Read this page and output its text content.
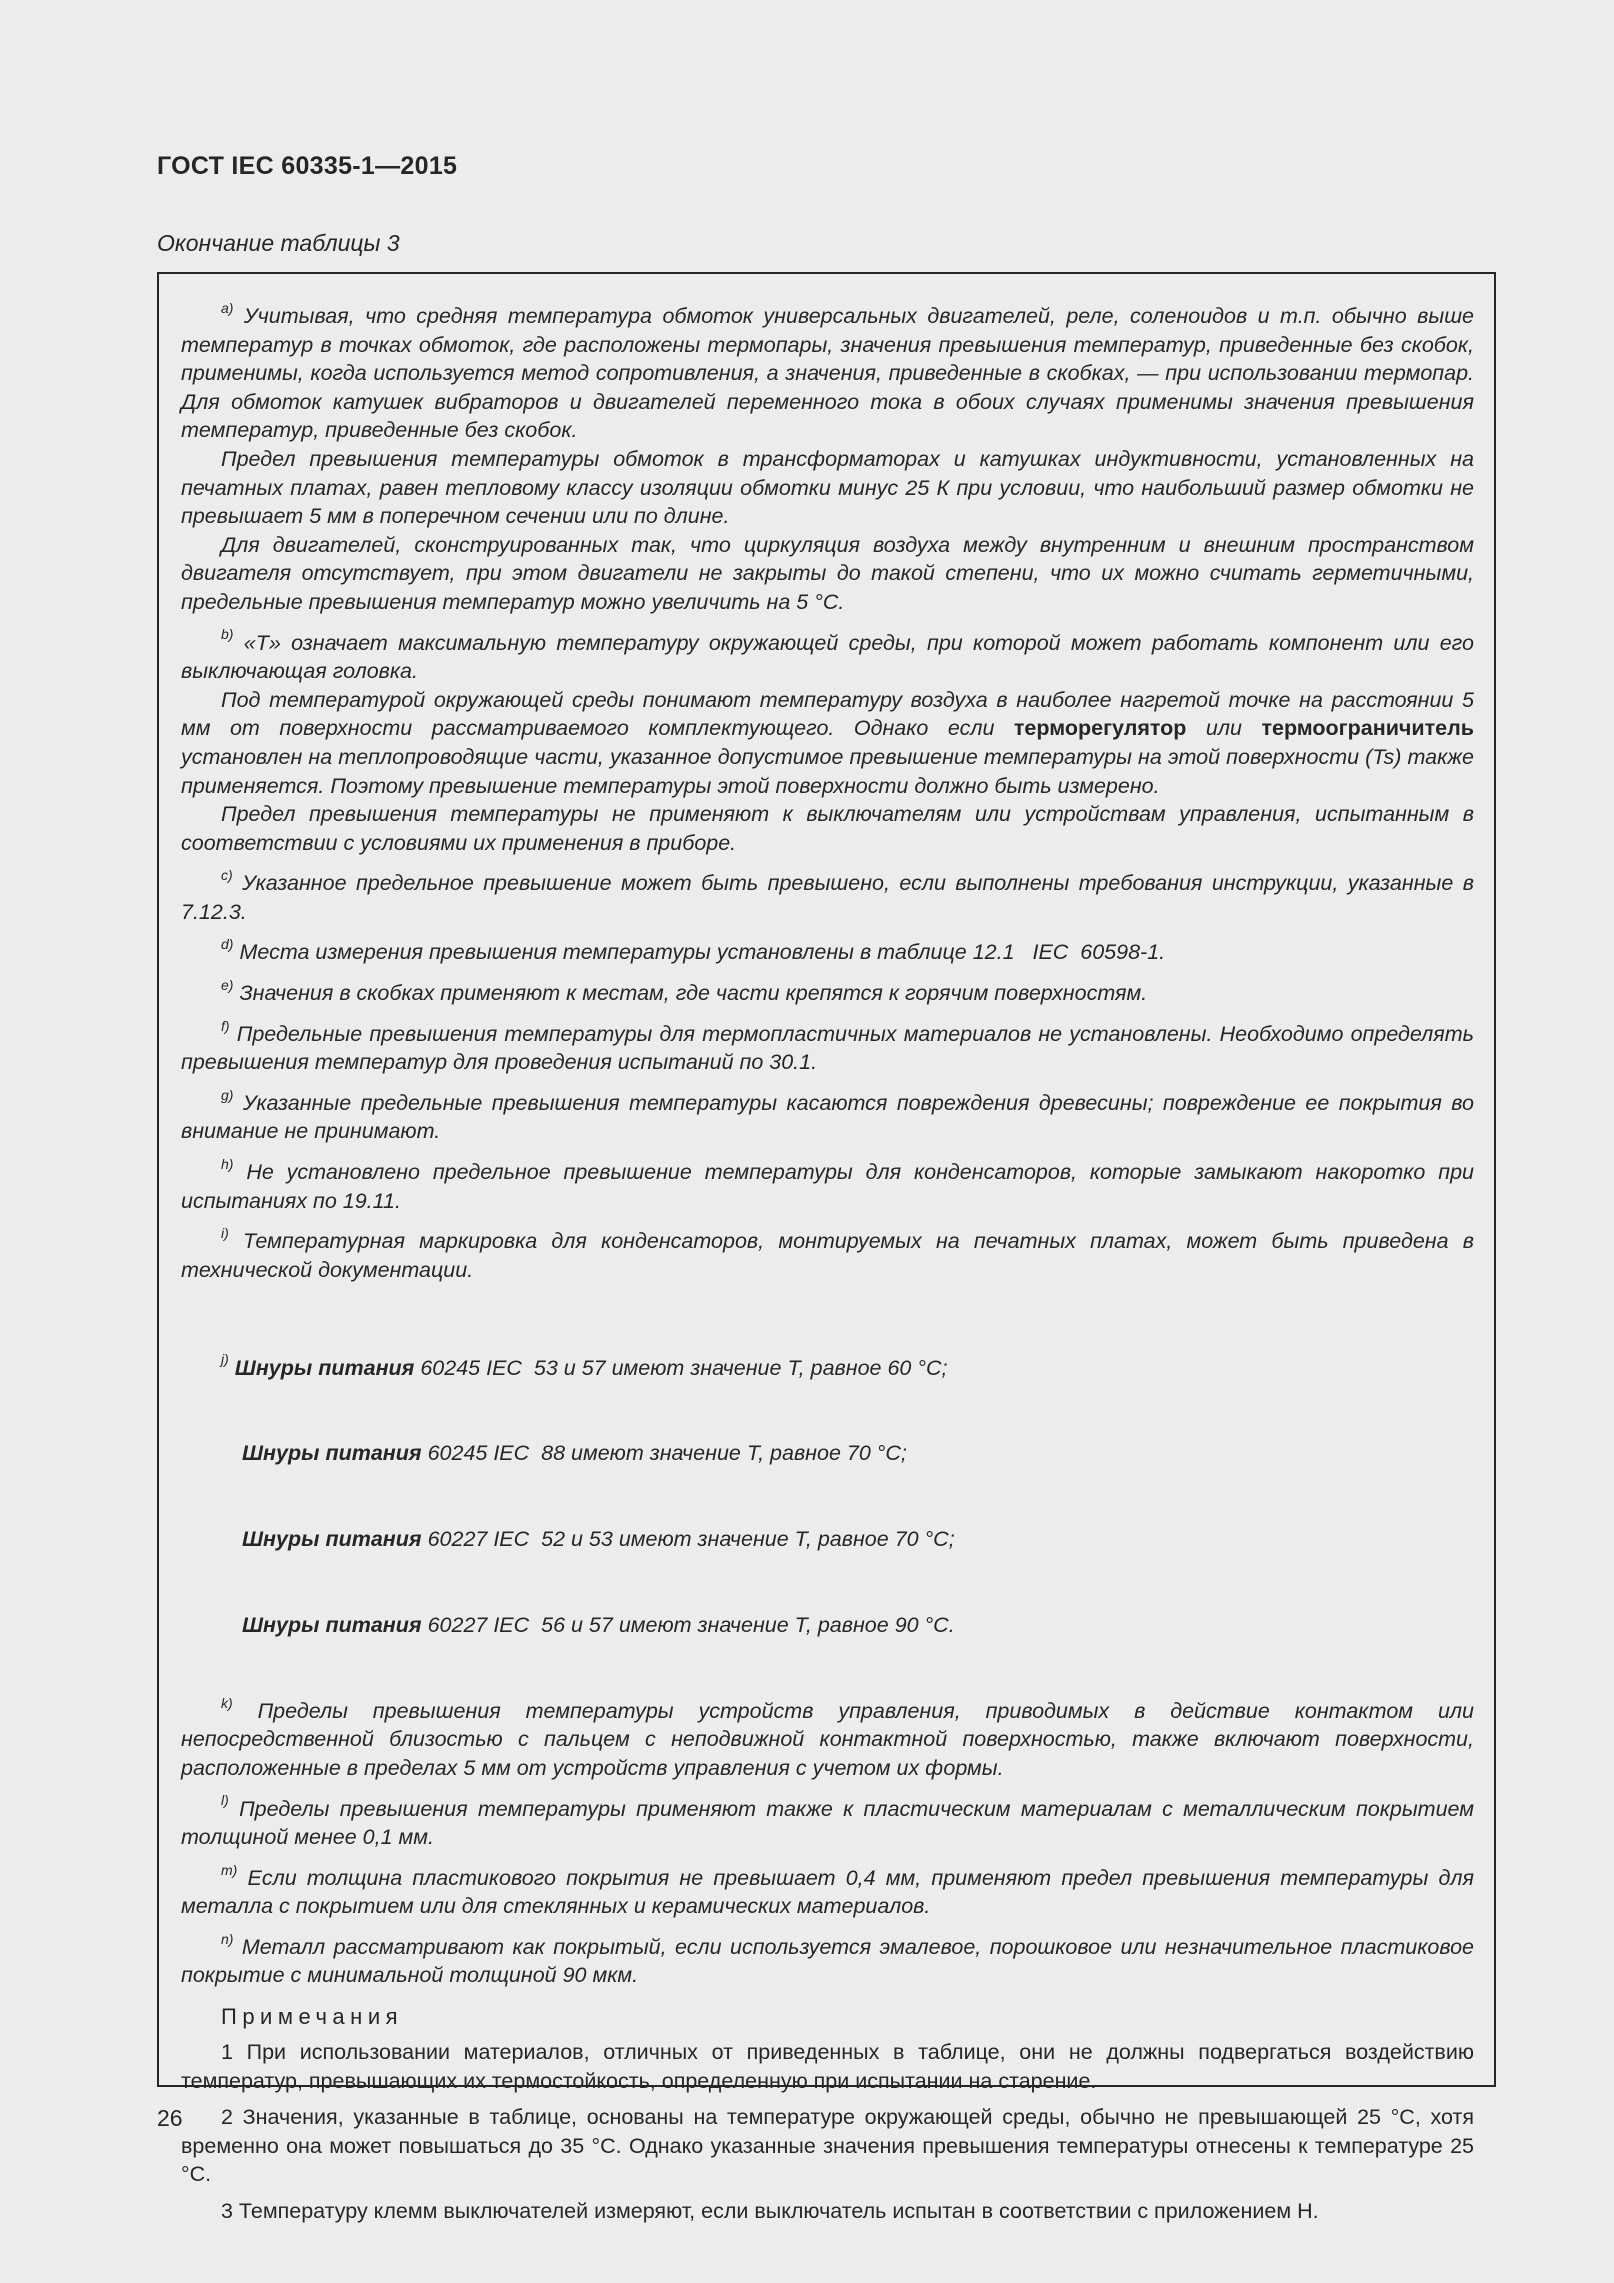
ГОСТ IEC 60335-1—2015

Окончание таблицы 3

$^{a)}$ Учитывая, что средняя температура обмоток универсальных двигателей, реле, соленоидов и т.п. обычно выше температур в точках обмоток, где расположены термопары, значения превышения температур, приведенные без скобок, применимы, когда используется метод сопротивления, а значения, приведенные в скобках, — при использовании термопар. Для обмоток катушек вибраторов и двигателей переменного тока в обоих случаях применимы значения превышения температур, приведенные без скобок.

Предел превышения температуры обмоток в трансформаторах и катушках индуктивности, установленных на печатных платах, равен тепловому классу изоляции обмотки минус 25 К при условии, что наибольший размер обмотки не превышает 5 мм в поперечном сечении или по длине.

Для двигателей, сконструированных так, что циркуляция воздуха между внутренним и внешним пространством двигателя отсутствует, при этом двигатели не закрыты до такой степени, что их можно считать герметичными, предельные превышения температур можно увеличить на 5 °С.

$^{b)}$ «Т» означает максимальную температуру окружающей среды, при которой может работать компонент или его выключающая головка.

Под температурой окружающей среды понимают температуру воздуха в наиболее нагретой точке на расстоянии 5 мм от поверхности рассматриваемого комплектующего. Однако если терморегулятор или термоограничитель установлен на теплопроводящие части, указанное допустимое превышение температуры на этой поверхности (Ts) также применяется. Поэтому превышение температуры этой поверхности должно быть измерено.

Предел превышения температуры не применяют к выключателям или устройствам управления, испытанным в соответствии с условиями их применения в приборе.

$^{c)}$ Указанное предельное превышение может быть превышено, если выполнены требования инструкции, указанные в 7.12.3.

$^{d)}$ Места измерения превышения температуры установлены в таблице 12.1   IEC  60598-1.

$^{e)}$ Значения в скобках применяют к местам, где части крепятся к горячим поверхностям.

$^{f)}$ Предельные превышения температуры для термопластичных материалов не установлены. Необходимо определять превышения температур для проведения испытаний по 30.1.

$^{g)}$ Указанные предельные превышения температуры касаются повреждения древесины; повреждение ее покрытия во внимание не принимают.

$^{h)}$ Не установлено предельное превышение температуры для конденсаторов, которые замыкают накоротко при испытаниях по 19.11.

$^{i)}$ Температурная маркировка для конденсаторов, монтируемых на печатных платах, может быть приведена в технической документации.

$^{j)}$ Шнуры питания 60245 IEC  53 и 57 имеют значение Т, равное 60 °С;

Шнуры питания 60245 IEC  88 имеют значение Т, равное 70 °С;

Шнуры питания 60227 IEC  52 и 53 имеют значение Т, равное 70 °С;

Шнуры питания 60227 IEC  56 и 57 имеют значение Т, равное 90 °С.

$^{k)}$ Пределы превышения температуры устройств управления, приводимых в действие контактом или непосредственной близостью с пальцем с неподвижной контактной поверхностью, также включают поверхности, расположенные в пределах 5 мм от устройств управления с учетом их формы.

$^{l)}$ Пределы превышения температуры применяют также к пластическим материалам с металлическим покрытием толщиной менее 0,1 мм.

$^{m)}$ Если толщина пластикового покрытия не превышает 0,4 мм, применяют предел превышения температуры для металла с покрытием или для стеклянных и керамических материалов.

$^{n)}$ Металл рассматривают как покрытый, если используется эмалевое, порошковое или незначительное пластиковое покрытие с минимальной толщиной 90 мкм.

Примечания

1 При использовании материалов, отличных от приведенных в таблице, они не должны подвергаться воздействию температур, превышающих их термостойкость, определенную при испытании на старение.

2 Значения, указанные в таблице, основаны на температуре окружающей среды, обычно не превышающей 25 °С, хотя временно она может повышаться до 35 °С. Однако указанные значения превышения температуры отнесены к температуре 25 °С.

3 Температуру клемм выключателей измеряют, если выключатель испытан в соответствии с приложением Н.

26
